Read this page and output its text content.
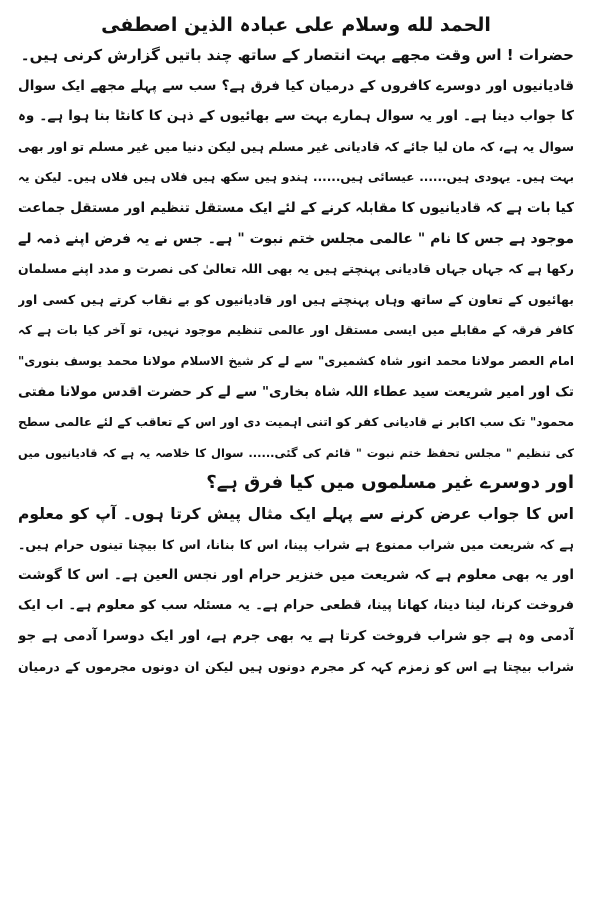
الحمد لله وسلام علی عبادہ الذین اصطفی
حضرات ! اس وقت مجھے بہت انتصار کے ساتھ چند باتیں گزارش کرنی ہیں۔
قادیانیوں اور دوسرے کافروں کے درمیان کیا فرق ہے؟ سب سے پہلے مجھے ایک سوال
کا جواب دینا ہے۔ اور یہ سوال ہمارے بہت سے بھائیوں کے ذہن کا کانٹا بنا ہوا ہے۔ وہ
سوال یہ ہے، کہ مان لیا جائے کہ قادیانی غیر مسلم ہیں لیکن دنیا میں غیر مسلم تو اور بھی
بہت ہیں۔ یہودی ہیں...... عیسائی ہیں...... ہندو ہیں سکھ ہیں فلاں ہیں فلاں ہیں۔ لیکن یہ
کیا بات ہے کہ قادیانیوں کا مقابلہ کرنے کے لئے ایک مستقل تنظیم اور مستقل جماعت
موجود ہے جس کا نام " عالمی مجلس ختم نبوت " ہے۔ جس نے یہ فرض اپنے ذمہ لے
رکھا ہے کہ جہاں جہاں قادیانی پہنچتے ہیں یہ بھی اللہ تعالیٰ کی نصرت و مدد اپنے مسلمان
بھائیوں کے تعاون کے ساتھ وہاں پہنچتے ہیں اور قادیانیوں کو بے نقاب کرتے ہیں کسی اور
کافر فرقہ کے مقابلے میں ایسی مستقل اور عالمی تنظیم موجود نہیں، تو آخر کیا بات ہے کہ
امام العصر مولانا محمد انور شاہ کشمیری" سے لے کر شیخ الاسلام مولانا محمد یوسف بنوری"
تک اور امیر شریعت سید عطاء اللہ شاہ بخاری" سے لے کر حضرت اقدس مولانا مفتی
محمود" تک سب اکابر نے قادیانی کفر کو اتنی اہمیت دی اور اس کے تعاقب کے لئے عالمی سطح
کی تنظیم " مجلس تحفظ ختم نبوت " قائم کی گئی...... سوال کا خلاصہ یہ ہے کہ قادیانیوں میں
اور دوسرے غیر مسلموں میں کیا فرق ہے؟
اس کا جواب عرض کرنے سے پہلے ایک مثال پیش کرتا ہوں۔ آپ کو معلوم
ہے کہ شریعت میں شراب ممنوع ہے شراب پینا، اس کا بنانا، اس کا بیچنا تینوں حرام ہیں۔
اور یہ بھی معلوم ہے کہ شریعت میں خنزیر حرام اور نجس العین ہے۔ اس کا گوشت
فروخت کرنا، لینا دینا، کھانا پینا، قطعی حرام ہے۔ یہ مسئلہ سب کو معلوم ہے۔ اب ایک
آدمی وہ ہے جو شراب فروخت کرتا ہے یہ بھی جرم ہے، اور ایک دوسرا آدمی ہے جو
شراب بیچتا ہے اس کو زمزم کہہ کر مجرم دونوں ہیں لیکن ان دونوں مجرموں کے درمیان
